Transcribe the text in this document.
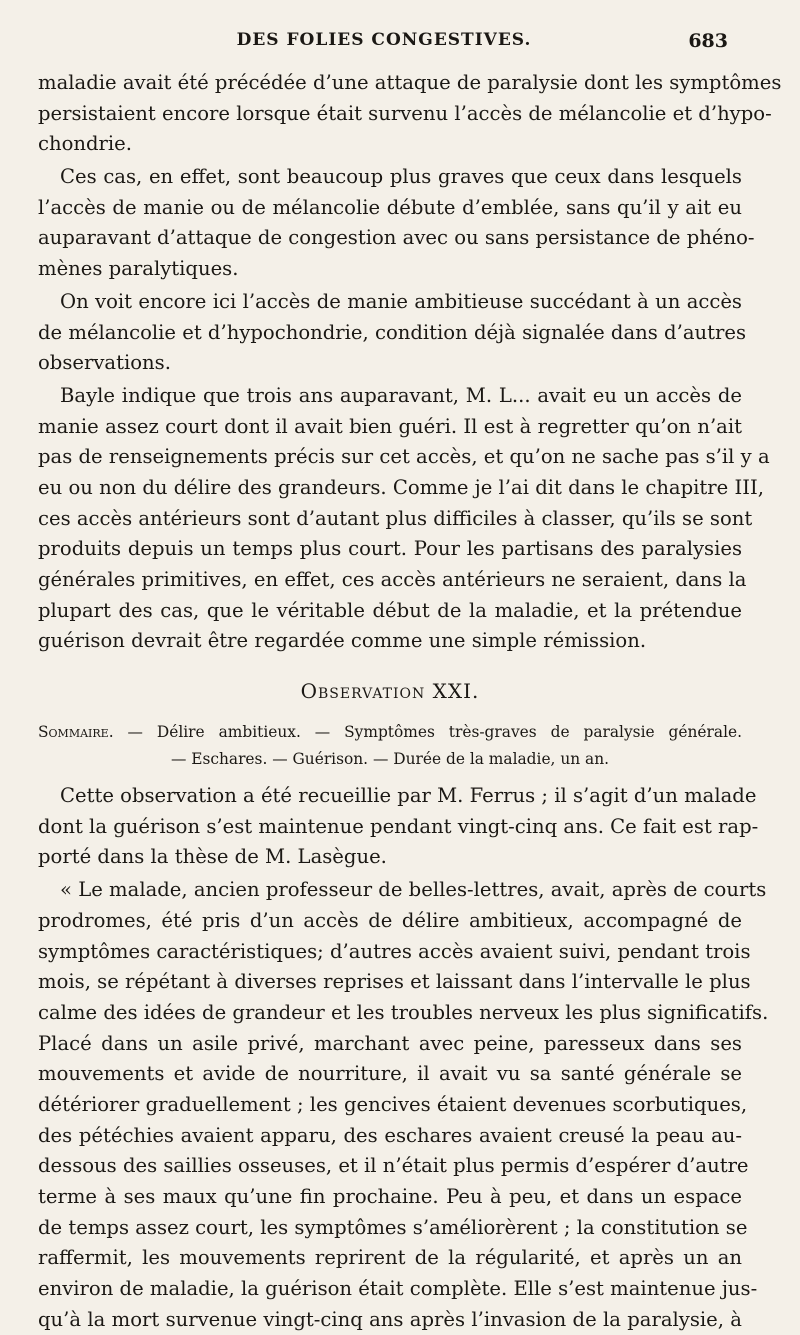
DES FOLIES CONGESTIVES.	683
maladie avait été précédée d’une attaque de paralysie dont les symptômes
persistaient encore lorsque était survenu l’accès de mélancolie et d’hypo-
chondrie.
Ces cas, en effet, sont beaucoup plus graves que ceux dans lesquels
l’accès de manie ou de mélancolie débute d’emblée, sans qu’il y ait eu
auparavant d’attaque de congestion avec ou sans persistance de phéno-
mènes paralytiques.
On voit encore ici l’accès de manie ambitieuse succédant à un accès
de mélancolie et d’hypochondrie, condition déjà signalée dans d’autres
observations.
Bayle indique que trois ans auparavant, M. L... avait eu un accès de
manie assez court dont il avait bien guéri. Il est à regretter qu’on n’ait
pas de renseignements précis sur cet accès, et qu’on ne sache pas s’il y a
eu ou non du délire des grandeurs. Comme je l’ai dit dans le chapitre III,
ces accès antérieurs sont d’autant plus difficiles à classer, qu’ils se sont
produits depuis un temps plus court. Pour les partisans des paralysies
générales primitives, en effet, ces accès antérieurs ne seraient, dans la
plupart des cas, que le véritable début de la maladie, et la prétendue
guérison devrait être regardée comme une simple rémission.
Observation XXI.
Sommaire. — Délire ambitieux. — Symptômes très-graves de paralysie générale.
— Eschares. — Guérison. — Durée de la maladie, un an.
Cette observation a été recueillie par M. Ferrus ; il s’agit d’un malade
dont la guérison s’est maintenue pendant vingt-cinq ans. Ce fait est rap-
porté dans la thèse de M. Lasègue.
« Le malade, ancien professeur de belles-lettres, avait, après de courts
prodromes, été pris d’un accès de délire ambitieux, accompagné de
symptômes caractéristiques; d’autres accès avaient suivi, pendant trois
mois, se répétant à diverses reprises et laissant dans l’intervalle le plus
calme des idées de grandeur et les troubles nerveux les plus significatifs.
Placé dans un asile privé, marchant avec peine, paresseux dans ses
mouvements et avide de nourriture, il avait vu sa santé générale se
détériorer graduellement ; les gencives étaient devenues scorbutiques,
des pétéchies avaient apparu, des eschares avaient creusé la peau au-
dessous des saillies osseuses, et il n’était plus permis d’espérer d’autre
terme à ses maux qu’une fin prochaine. Peu à peu, et dans un espace
de temps assez court, les symptômes s’améliorèrent ; la constitution se
raffermit, les mouvements reprirent de la régularité, et après un an
environ de maladie, la guérison était complète. Elle s’est maintenue jus-
qu’à la mort survenue vingt-cinq ans après l’invasion de la paralysie, à
